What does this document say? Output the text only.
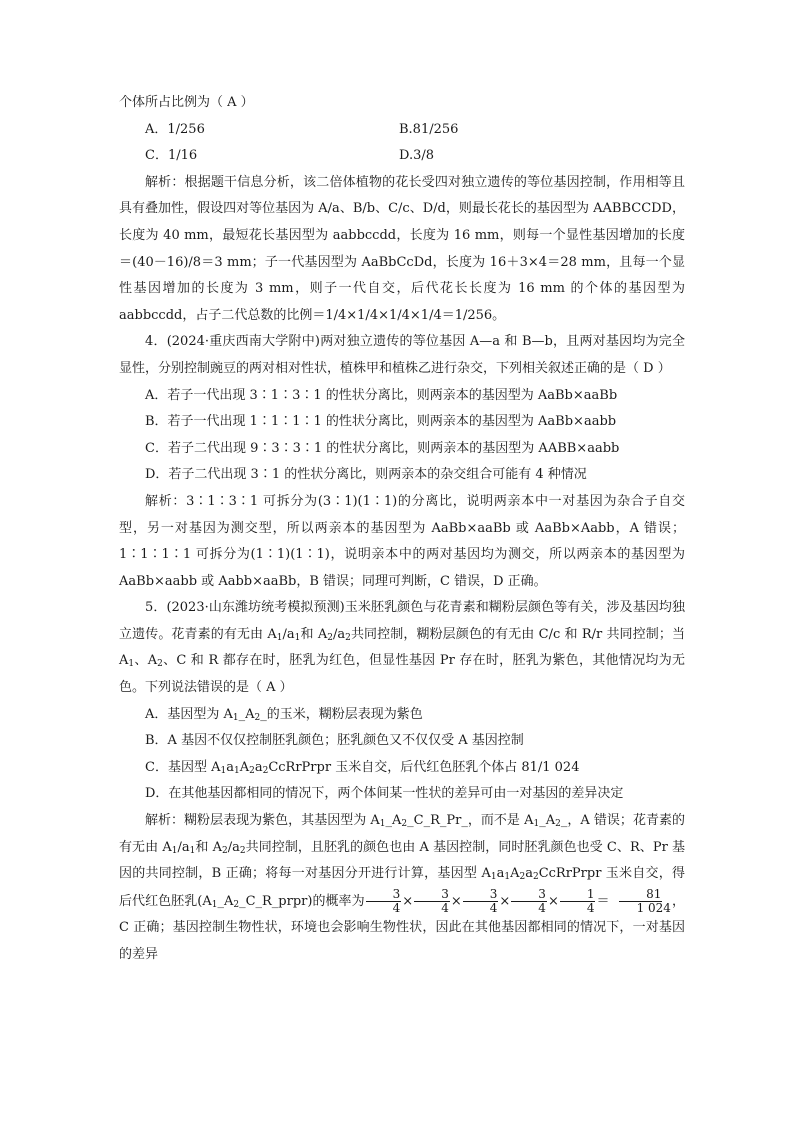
个体所占比例为（ A ）

A．1/256	B.81/256
C．1/16	D.3/8

解析：根据题干信息分析，该二倍体植物的花长受四对独立遗传的等位基因控制，作用相等且具有叠加性，假设四对等位基因为 A/a、B/b、C/c、D/d，则最长花长的基因型为 AABBCCDD，长度为 40 mm，最短花长基因型为 aabbccdd，长度为 16 mm，则每一个显性基因增加的长度＝(40－16)/8＝3 mm；子一代基因型为 AaBbCcDd，长度为 16＋3×4＝28 mm，且每一个显性基因增加的长度为 3 mm，则子一代自交，后代花长长度为 16 mm 的个体的基因型为 aabbccdd，占子二代总数的比例＝1/4×1/4×1/4×1/4＝1/256。

4．(2024·重庆西南大学附中)两对独立遗传的等位基因 A—a 和 B—b，且两对基因均为完全显性，分别控制豌豆的两对相对性状，植株甲和植株乙进行杂交，下列相关叙述正确的是（ D ）

A．若子一代出现 3∶1∶3∶1 的性状分离比，则两亲本的基因型为 AaBb×aaBb

B．若子一代出现 1∶1∶1∶1 的性状分离比，则两亲本的基因型为 AaBb×aabb

C．若子二代出现 9∶3∶3∶1 的性状分离比，则两亲本的基因型为 AABB×aabb

D．若子二代出现 3∶1 的性状分离比，则两亲本的杂交组合可能有 4 种情况

解析：3∶1∶3∶1 可拆分为(3∶1)(1∶1)的分离比，说明两亲本中一对基因为杂合子自交型，另一对基因为测交型，所以两亲本的基因型为 AaBb×aaBb 或 AaBb×Aabb，A 错误；1∶1∶1∶1 可拆分为(1∶1)(1∶1)，说明亲本中的两对基因均为测交，所以两亲本的基因型为 AaBb×aabb 或 Aabb×aaBb，B 错误；同理可判断，C 错误，D 正确。

5．(2023·山东潍坊统考模拟预测)玉米胚乳颜色与花青素和糊粉层颜色等有关，涉及基因均独立遗传。花青素的有无由 $A_1/a_1$和 $A_2/a_2$共同控制，糊粉层颜色的有无由 C/c 和 R/r 共同控制；当 $A_1$、$A_2$、C 和 R 都存在时，胚乳为红色，但显性基因 Pr 存在时，胚乳为紫色，其他情况均为无色。下列说法错误的是（ A ）

A．基因型为 $A_1\_A_2\_$的玉米，糊粉层表现为紫色

B．A 基因不仅仅控制胚乳颜色；胚乳颜色又不仅仅受 A 基因控制

C．基因型 $A_1a_1A_2a_2CcRrPrpr$ 玉米自交，后代红色胚乳个体占 81/1 024

D．在其他基因都相同的情况下，两个体间某一性状的差异可由一对基因的差异决定

解析：糊粉层表现为紫色，其基因型为 $A_1\_A_2\_C\_R\_Pr\_$，而不是 $A_1\_A_2\_$，A 错误；花青素的有无由 $A_1/a_1$和 $A_2/a_2$共同控制，且胚乳的颜色也由 A 基因控制，同时胚乳颜色也受 C、R、Pr 基因的共同控制，B 正确；将每一对基因分开进行计算，基因型 $A_1a_1A_2a_2CcRrPrpr$ 玉米自交，得后代红色胚乳$(A_1\_A_2\_C\_R\_prpr)$的概率为 $\frac{3}{4} \times \frac{3}{4} \times \frac{3}{4} \times \frac{3}{4} \times \frac{1}{4} = \frac{81}{1 024}$ ，C 正确；基因控制生物性状，环境也会影响生物性状，因此在其他基因都相同的情况下，一对基因的差异
